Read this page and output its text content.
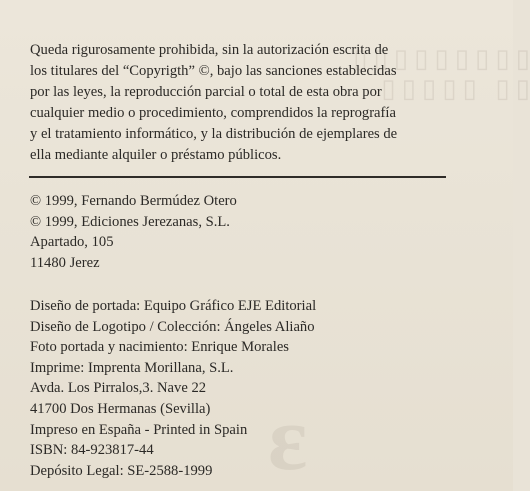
▯▯▯▯▯▯▯▯▯
▯▯ ▯▯▯▯▯
ε
Queda rigurosamente prohibida, sin la autorización escrita de
los titulares del “Copyrigth” ©, bajo las sanciones establecidas
por las leyes, la reproducción parcial o total de esta obra por
cualquier medio o procedimiento, comprendidos la reprografía
y el tratamiento informático, y la distribución de ejemplares de
ella mediante alquiler o préstamo públicos.
© 1999, Fernando Bermúdez Otero
© 1999, Ediciones Jerezanas, S.L.
Apartado, 105
11480 Jerez
Diseño de portada: Equipo Gráfico EJE Editorial
Diseño de Logotipo / Colección: Ángeles Aliaño
Foto portada y nacimiento: Enrique Morales
Imprime: Imprenta Morillana, S.L.
Avda. Los Pirralos,3. Nave 22
41700 Dos Hermanas (Sevilla)
Impreso en España - Printed in Spain
ISBN: 84-923817-44
Depósito Legal: SE-2588-1999
